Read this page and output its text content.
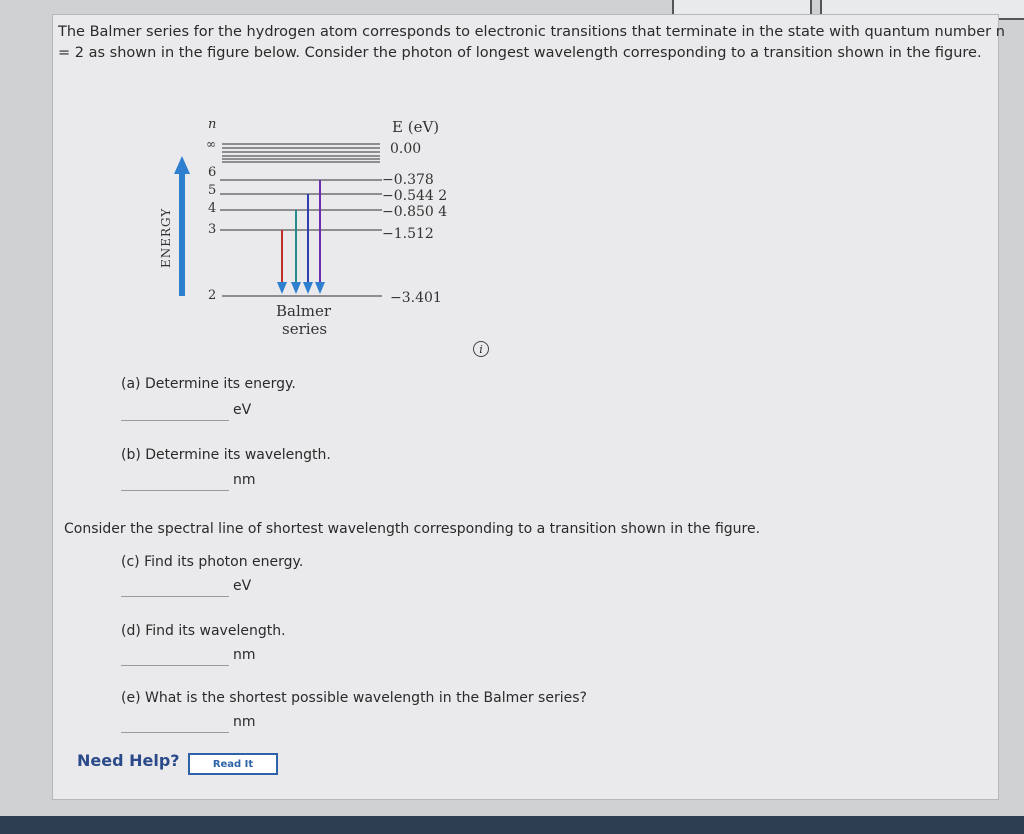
The Balmer series for the hydrogen atom corresponds to electronic transitions that terminate in the state with quantum number n = 2 as shown in the figure below. Consider the photon of longest wavelength corresponding to a transition shown in the figure.

n	E (eV)
ENERGY
∞	0.00
6	−0.378
5	−0.544 2
4	−0.850 4
3	−1.512
2	−3.401
Balmer
series
i

(a) Determine its energy.

eV

(b) Determine its wavelength.

nm

Consider the spectral line of shortest wavelength corresponding to a transition shown in the figure.

(c) Find its photon energy.

eV

(d) Find its wavelength.

nm

(e) What is the shortest possible wavelength in the Balmer series?

nm
Need Help?	Read It
